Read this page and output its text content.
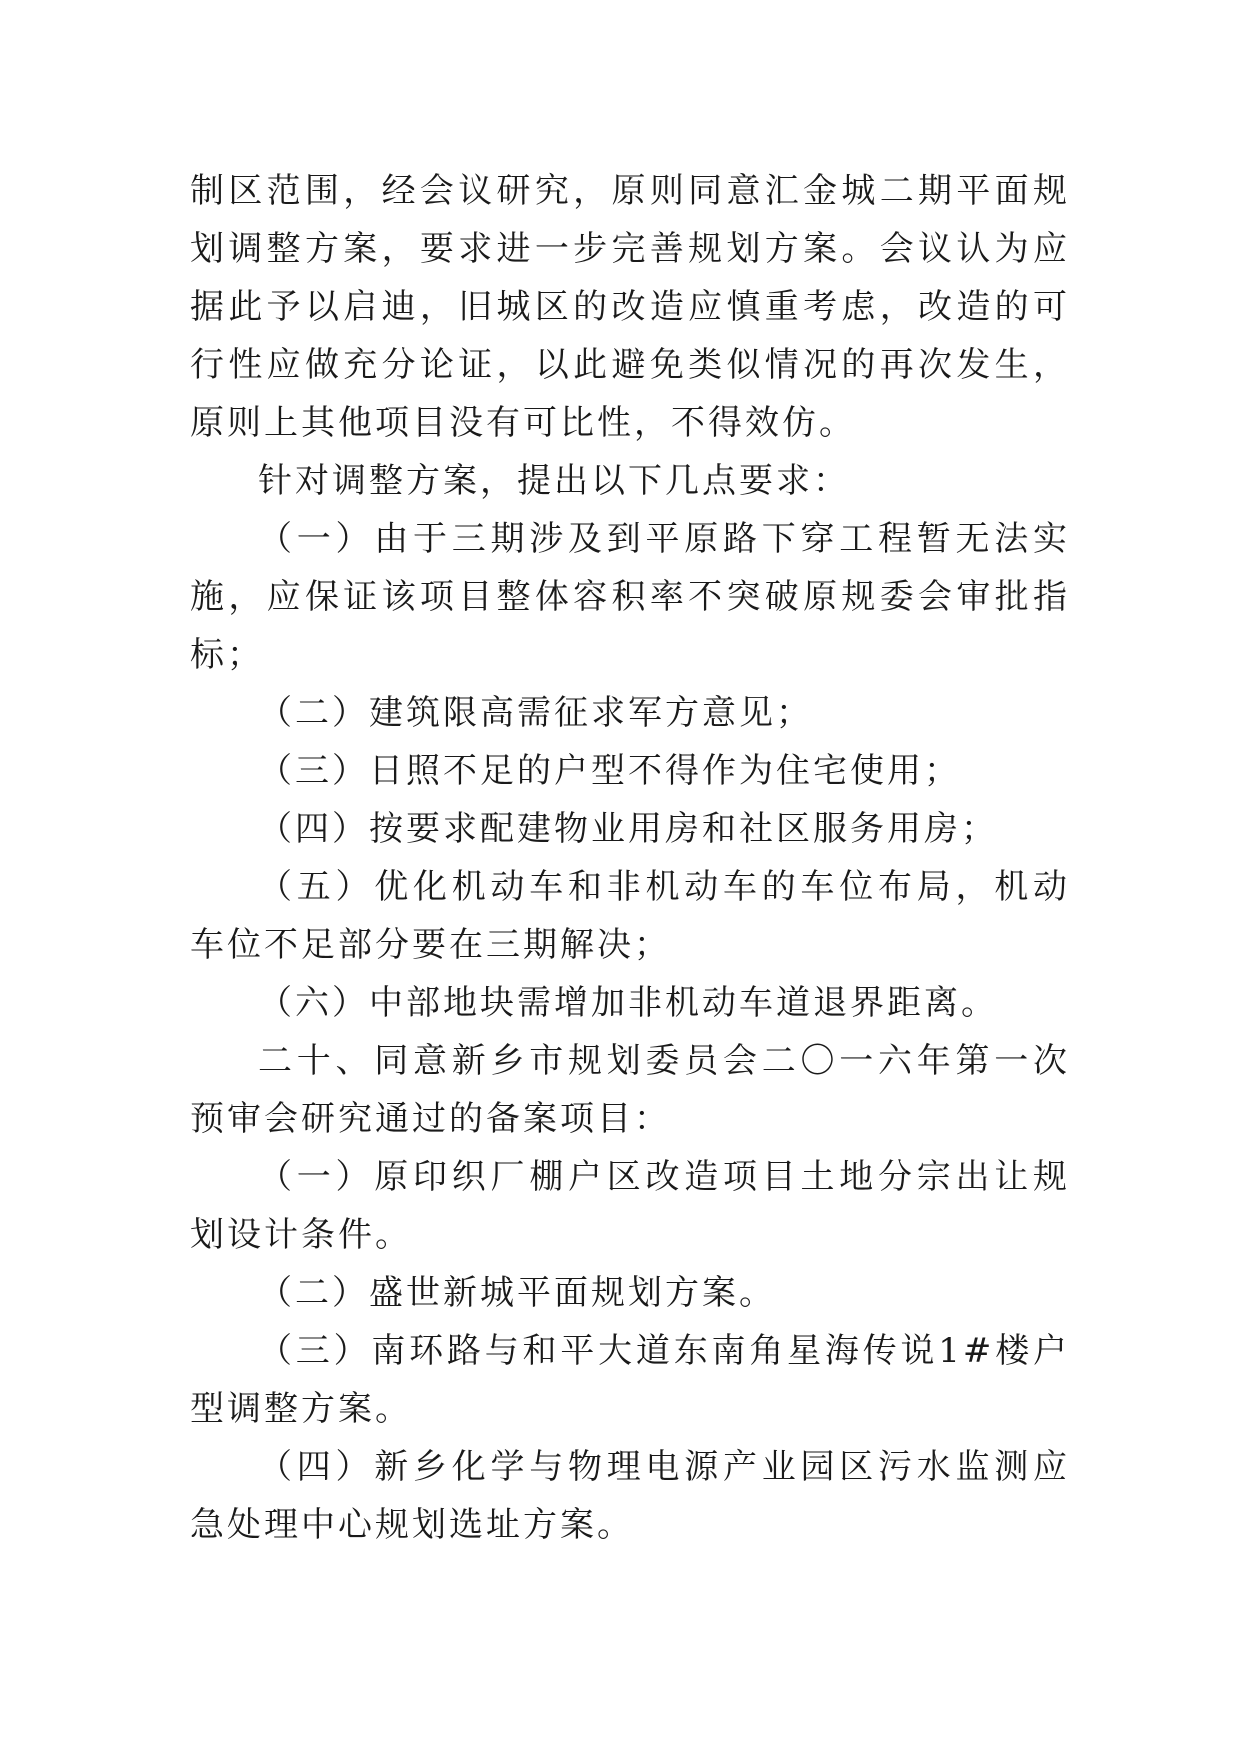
制区范围，经会议研究，原则同意汇金城二期平面规划调整方案，要求进一步完善规划方案。会议认为应据此予以启迪，旧城区的改造应慎重考虑，改造的可行性应做充分论证，以此避免类似情况的再次发生，原则上其他项目没有可比性，不得效仿。

针对调整方案，提出以下几点要求：

（一）由于三期涉及到平原路下穿工程暂无法实施，应保证该项目整体容积率不突破原规委会审批指标；

（二）建筑限高需征求军方意见；

（三）日照不足的户型不得作为住宅使用；

（四）按要求配建物业用房和社区服务用房；

（五）优化机动车和非机动车的车位布局，机动车位不足部分要在三期解决；

（六）中部地块需增加非机动车道退界距离。

二十、同意新乡市规划委员会二〇一六年第一次预审会研究通过的备案项目：

（一）原印织厂棚户区改造项目土地分宗出让规划设计条件。

（二）盛世新城平面规划方案。

（三）南环路与和平大道东南角星海传说1#楼户型调整方案。

（四）新乡化学与物理电源产业园区污水监测应急处理中心规划选址方案。
